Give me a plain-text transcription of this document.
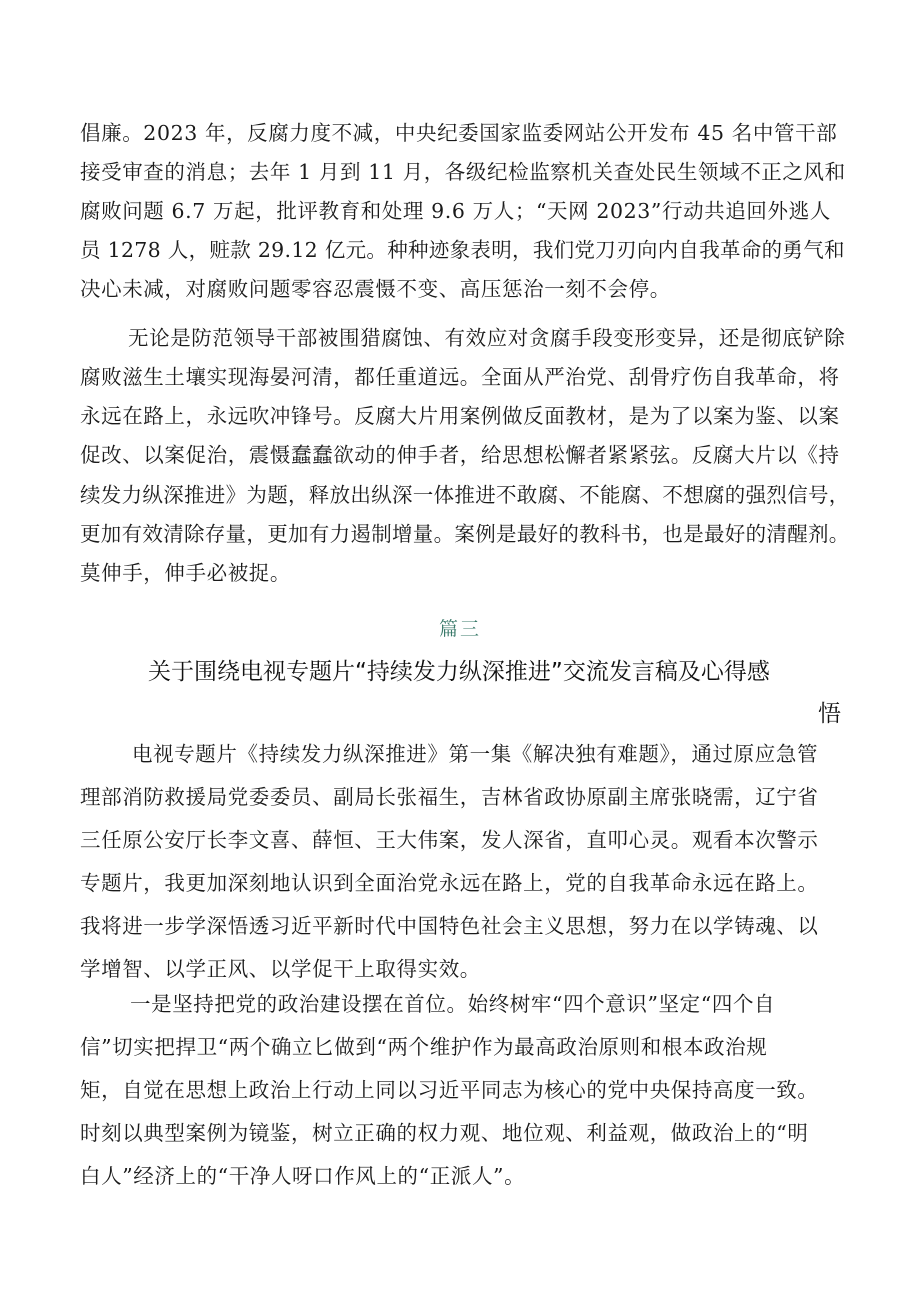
倡廉。2023 年，反腐力度不减，中央纪委国家监委网站公开发布 45 名中管干部
接受审查的消息；去年 1 月到 11 月，各级纪检监察机关查处民生领域不正之风和
腐败问题 6.7 万起，批评教育和处理 9.6 万人；“天网 2023”行动共追回外逃人
员 1278 人，赃款 29.12 亿元。种种迹象表明，我们党刀刃向内自我革命的勇气和
决心未减，对腐败问题零容忍震慑不变、高压惩治一刻不会停。
无论是防范领导干部被围猎腐蚀、有效应对贪腐手段变形变异，还是彻底铲除
腐败滋生土壤实现海晏河清，都任重道远。全面从严治党、刮骨疗伤自我革命，将
永远在路上，永远吹冲锋号。反腐大片用案例做反面教材，是为了以案为鉴、以案
促改、以案促治，震慑蠢蠢欲动的伸手者，给思想松懈者紧紧弦。反腐大片以《持
续发力纵深推进》为题，释放出纵深一体推进不敢腐、不能腐、不想腐的强烈信号，
更加有效清除存量，更加有力遏制增量。案例是最好的教科书，也是最好的清醒剂。
莫伸手，伸手必被捉。
篇三
关于围绕电视专题片“持续发力纵深推进”交流发言稿及心得感
悟
电视专题片《持续发力纵深推进》第一集《解决独有难题》，通过原应急管
理部消防救援局党委委员、副局长张福生，吉林省政协原副主席张晓需，辽宁省
三任原公安厅长李文喜、薛恒、王大伟案，发人深省，直叩心灵。观看本次警示
专题片，我更加深刻地认识到全面治党永远在路上，党的自我革命永远在路上。
我将进一步学深悟透习近平新时代中国特色社会主义思想，努力在以学铸魂、以
学增智、以学正风、以学促干上取得实效。
一是坚持把党的政治建设摆在首位。始终树牢“四个意识”坚定“四个自
信”切实把捍卫“两个确立匕做到“两个维护作为最高政治原则和根本政治规
矩，自觉在思想上政治上行动上同以习近平同志为核心的党中央保持高度一致。
时刻以典型案例为镜鉴，树立正确的权力观、地位观、利益观，做政治上的“明
白人”经济上的“干净人呀口作风上的“正派人”。
